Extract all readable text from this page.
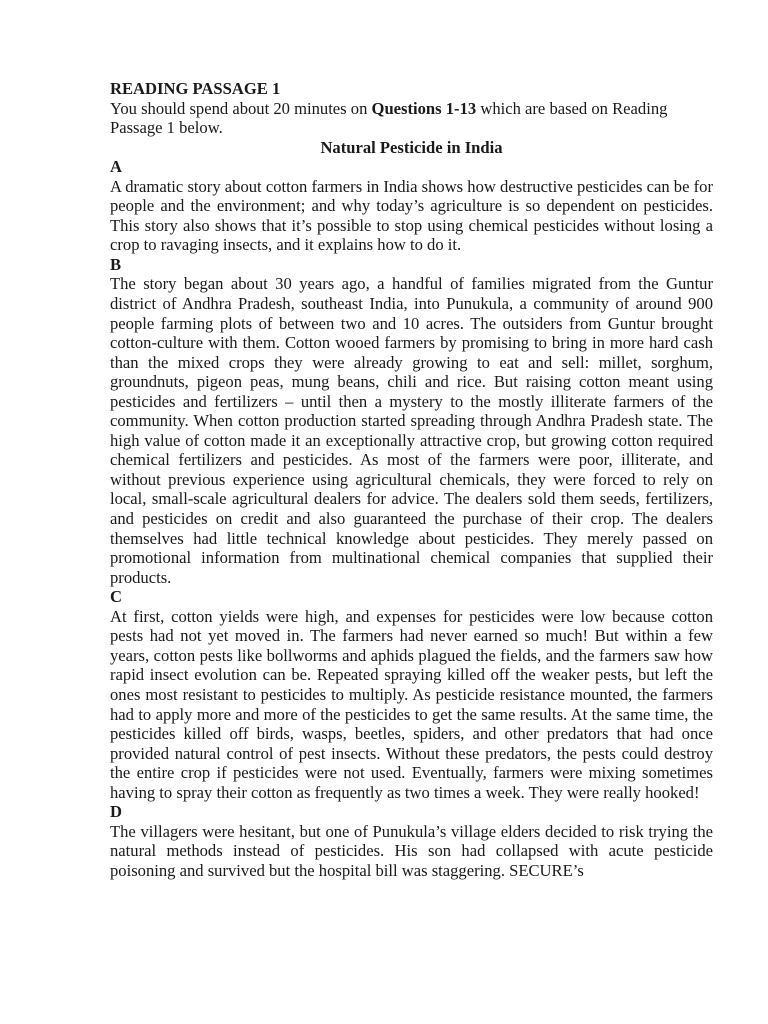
READING PASSAGE 1

You should spend about 20 minutes on Questions 1-13 which are based on Reading Passage 1 below.

Natural Pesticide in India

A

A dramatic story about cotton farmers in India shows how destructive pesticides can be for people and the environment; and why today’s agriculture is so dependent on pesticides. This story also shows that it’s possible to stop using chemical pesticides without losing a crop to ravaging insects, and it explains how to do it.

B

The story began about 30 years ago, a handful of families migrated from the Guntur district of Andhra Pradesh, southeast India, into Punukula, a community of around 900 people farming plots of between two and 10 acres. The outsiders from Guntur brought cotton-culture with them. Cotton wooed farmers by promising to bring in more hard cash than the mixed crops they were already growing to eat and sell: millet, sorghum, groundnuts, pigeon peas, mung beans, chili and rice. But raising cotton meant using pesticides and fertilizers – until then a mystery to the mostly illiterate farmers of the community. When cotton production started spreading through Andhra Pradesh state. The high value of cotton made it an exceptionally attractive crop, but growing cotton required chemical fertilizers and pesticides. As most of the farmers were poor, illiterate, and without previous experience using agricultural chemicals, they were forced to rely on local, small-scale agricultural dealers for advice. The dealers sold them seeds, fertilizers, and pesticides on credit and also guaranteed the purchase of their crop. The dealers themselves had little technical knowledge about pesticides. They merely passed on promotional information from multinational chemical companies that supplied their products.

C

At first, cotton yields were high, and expenses for pesticides were low because cotton pests had not yet moved in. The farmers had never earned so much! But within a few years, cotton pests like bollworms and aphids plagued the fields, and the farmers saw how rapid insect evolution can be. Repeated spraying killed off the weaker pests, but left the ones most resistant to pesticides to multiply. As pesticide resistance mounted, the farmers had to apply more and more of the pesticides to get the same results. At the same time, the pesticides killed off birds, wasps, beetles, spiders, and other predators that had once provided natural control of pest insects. Without these predators, the pests could destroy the entire crop if pesticides were not used. Eventually, farmers were mixing sometimes having to spray their cotton as frequently as two times a week. They were really hooked!

D

The villagers were hesitant, but one of Punukula’s village elders decided to risk trying the natural methods instead of pesticides. His son had collapsed with acute pesticide poisoning and survived but the hospital bill was staggering. SECURE’s
